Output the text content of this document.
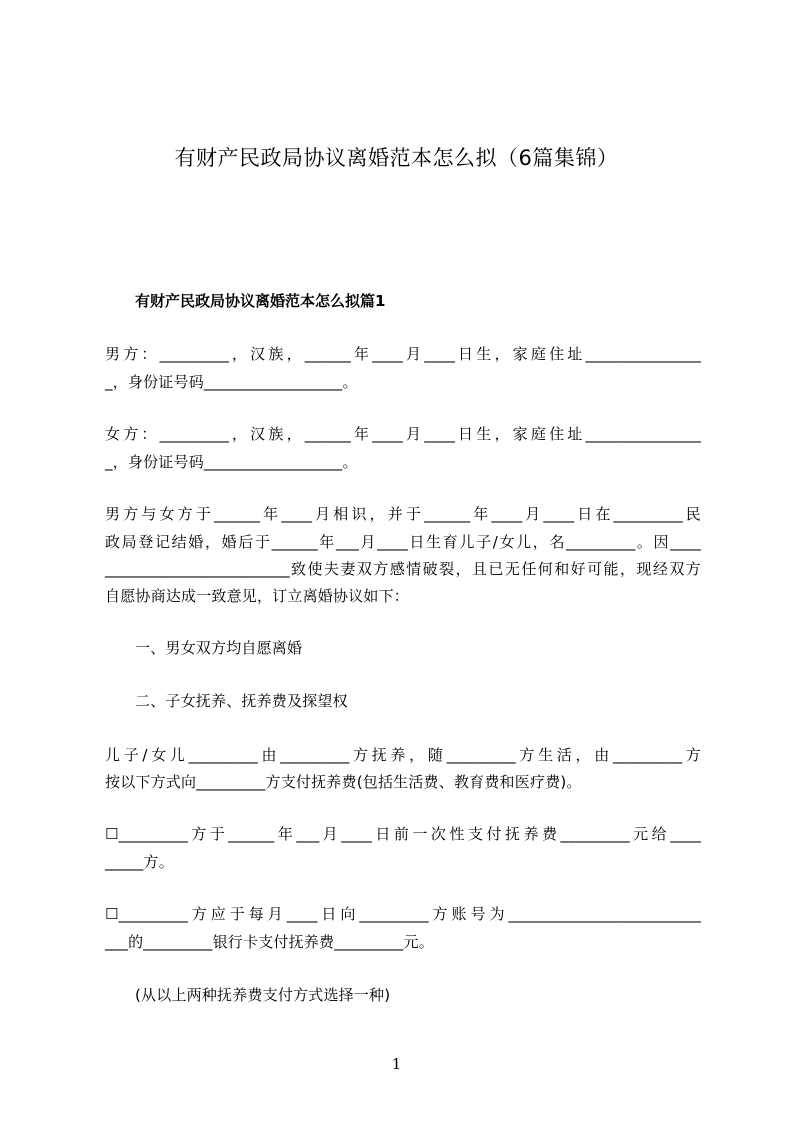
有财产民政局协议离婚范本怎么拟（6篇集锦）
有财产民政局协议离婚范本怎么拟篇1
男方：_________，汉族，______年____月____日生，家庭住址_______________
_，身份证号码__________________。
女方：_________，汉族，______年____月____日生，家庭住址_______________
_，身份证号码__________________。
男方与女方于______年____月相识，并于______年____月____日在_________民
政局登记结婚，婚后于______年___月____日生育儿子/女儿，名_________。因____
________________________致使夫妻双方感情破裂，且已无任何和好可能，现经双方
自愿协商达成一致意见，订立离婚协议如下：
一、男女双方均自愿离婚
二、子女抚养、抚养费及探望权
儿子/女儿_________由_________方抚养，随_________方生活，由_________方
按以下方式向_________方支付抚养费(包括生活费、教育费和医疗费)。
☐_________方于______年___月____日前一次性支付抚养费_________元给____
_____方。
☐_________方应于每月____日向_________方账号为_________________________
___的_________银行卡支付抚养费_________元。
(从以上两种抚养费支付方式选择一种)
1
